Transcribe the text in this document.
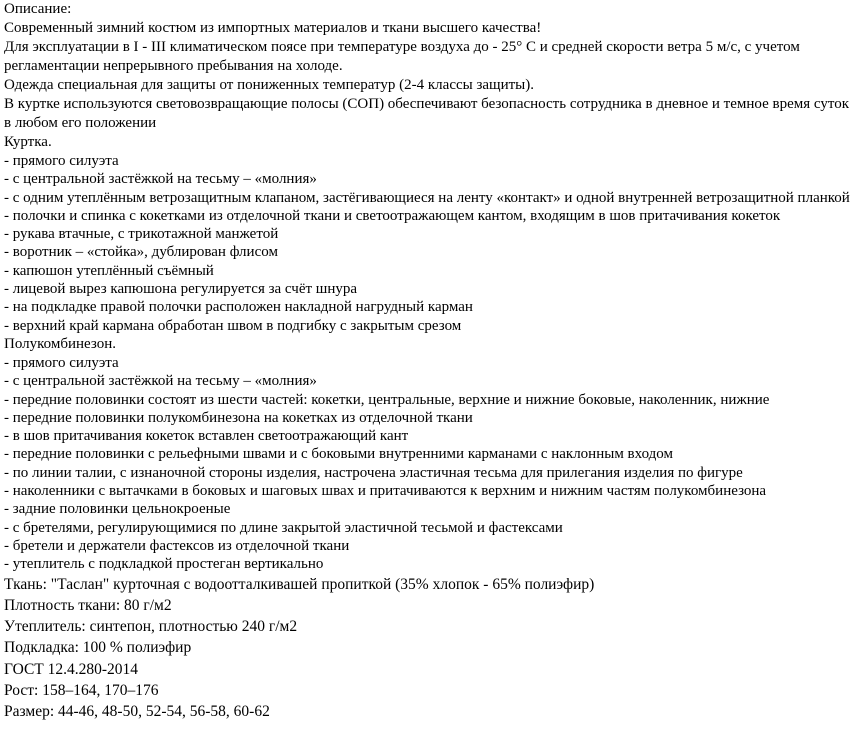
Описание:

Современный зимний костюм из импортных материалов и ткани высшего качества!

Для эксплуатации в I - III климатическом поясе при температуре воздуха до - 25° С и средней скорости ветра 5 м/с, с учетом регламентации непрерывного пребывания на холоде.

Одежда специальная для защиты от пониженных температур (2-4 классы защиты).

В куртке используются световозвращающие полосы (СОП) обеспечивают безопасность сотрудника в дневное и темное время суток в любом его положении

Куртка.

- прямого силуэта
- с центральной застёжкой на тесьму – «молния»
- с одним утеплённым ветрозащитным клапаном, застёгивающиеся на ленту «контакт» и одной внутренней ветрозащитной планкой
- полочки и спинка с кокетками из отделочной ткани и светоотражающем кантом, входящим в шов притачивания кокеток
- рукава втачные, с трикотажной манжетой
- воротник – «стойка», дублирован флисом
- капюшон утеплённый съёмный
- лицевой вырез капюшона регулируется за счёт шнура
- на подкладке правой полочки расположен накладной нагрудный карман
- верхний край кармана обработан швом в подгибку с закрытым срезом

Полукомбинезон.

- прямого силуэта
- с центральной застёжкой на тесьму – «молния»
- передние половинки состоят из шести частей: кокетки, центральные, верхние и нижние боковые, наколенник, нижние
- передние половинки полукомбинезона на кокетках из отделочной ткани
- в шов притачивания кокеток вставлен светоотражающий кант
- передние половинки с рельефными швами и с боковыми внутренними карманами с наклонным входом
- по линии талии, с изнаночной стороны изделия, настрочена эластичная тесьма для прилегания изделия по фигуре
- наколенники с вытачками в боковых и шаговых швах и притачиваются к верхним и нижним частям полукомбинезона
- задние половинки цельнокроеные
- с бретелями, регулирующимися по длине закрытой эластичной тесьмой и фастексами
- бретели и держатели фастексов из отделочной ткани
- утеплитель с подкладкой простеган вертикально

Ткань: "Таслан" курточная с водоотталкивашей пропиткой (35% хлопок - 65% полиэфир)

Плотность ткани: 80 г/м2

Утеплитель: синтепон, плотностью 240 г/м2

Подкладка: 100 % полиэфир

ГОСТ 12.4.280-2014

Рост: 158–164, 170–176

Размер: 44-46, 48-50, 52-54, 56-58, 60-62
